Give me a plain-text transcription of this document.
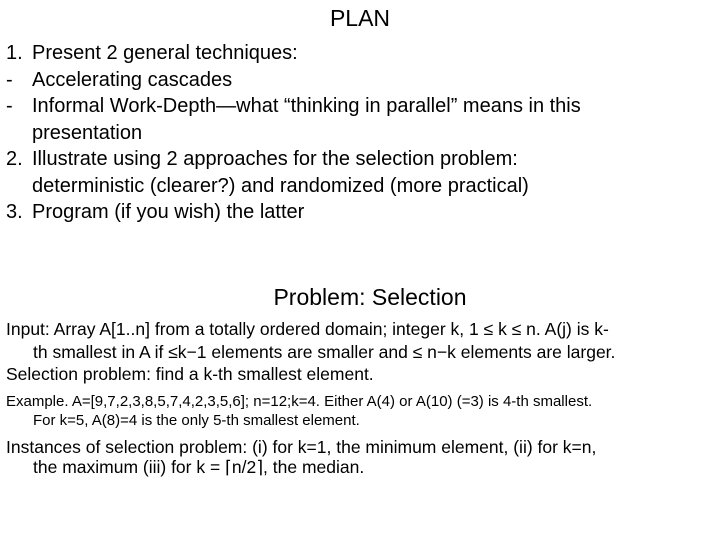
PLAN
1. Present 2 general techniques:
- Accelerating cascades
- Informal Work-Depth—what “thinking in parallel” means in this
presentation
2. Illustrate using 2 approaches for the selection problem:
deterministic (clearer?) and randomized (more practical)
3. Program (if you wish) the latter
Problem: Selection
Input: Array A[1..n] from a totally ordered domain; integer k, 1 ≤ k ≤ n. A(j) is k-
th smallest in A if ≤k−1 elements are smaller and ≤ n−k elements are larger.
Selection problem: find a k-th smallest element.
Example. A=[9,7,2,3,8,5,7,4,2,3,5,6]; n=12;k=4. Either A(4) or A(10) (=3) is 4-th smallest.
For k=5, A(8)=4 is the only 5-th smallest element.
Instances of selection problem: (i) for k=1, the minimum element, (ii) for k=n,
the maximum (iii) for k = ⌈n/2⌉, the median.
